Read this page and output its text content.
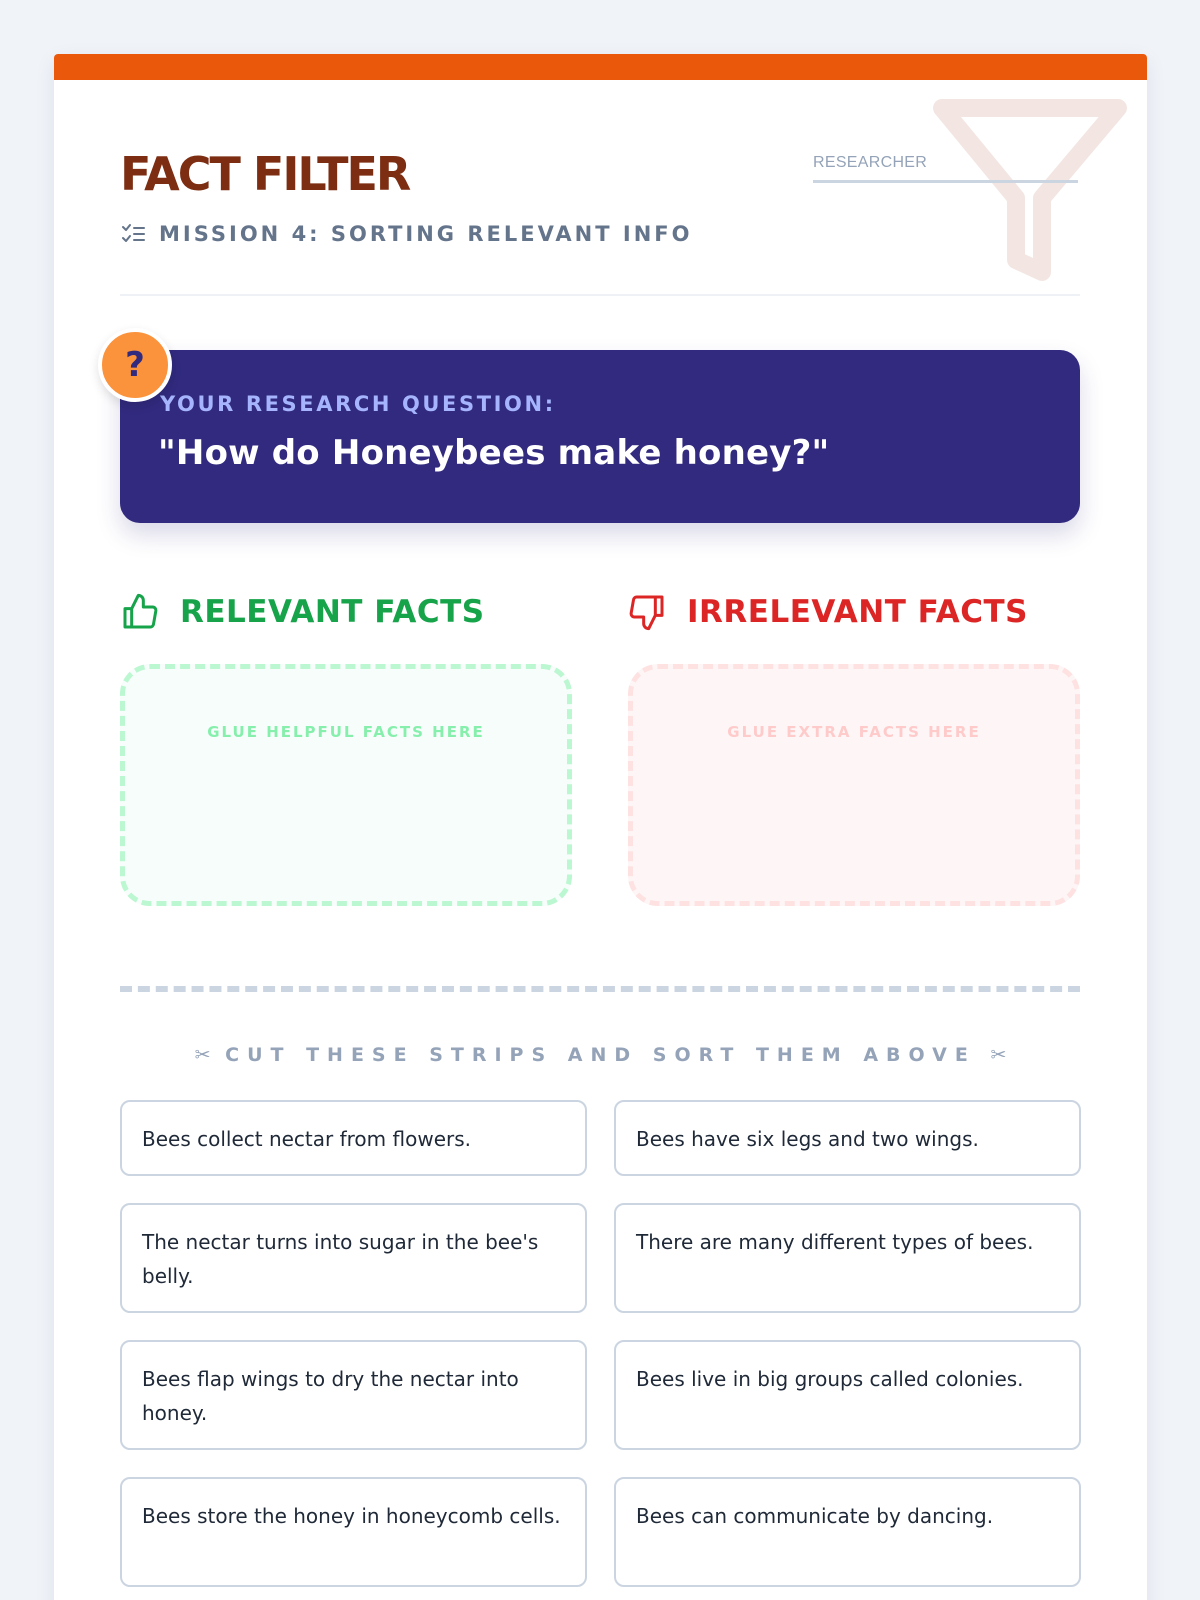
FACT FILTER
MISSION 4: SORTING RELEVANT INFO
RESEARCHER
YOUR RESEARCH QUESTION:
"How do Honeybees make honey?"
?
RELEVANT FACTS	IRRELEVANT FACTS
GLUE HELPFUL FACTS HERE	GLUE EXTRA FACTS HERE
✂ CUT THESE STRIPS AND SORT THEM ABOVE ✂
Bees collect nectar from flowers.	Bees have six legs and two wings.
The nectar turns into sugar in the bee's belly.
There are many different types of bees.
Bees flap wings to dry the nectar into honey.
Bees live in big groups called colonies.
Bees store the honey in honeycomb cells.	Bees can communicate by dancing.
